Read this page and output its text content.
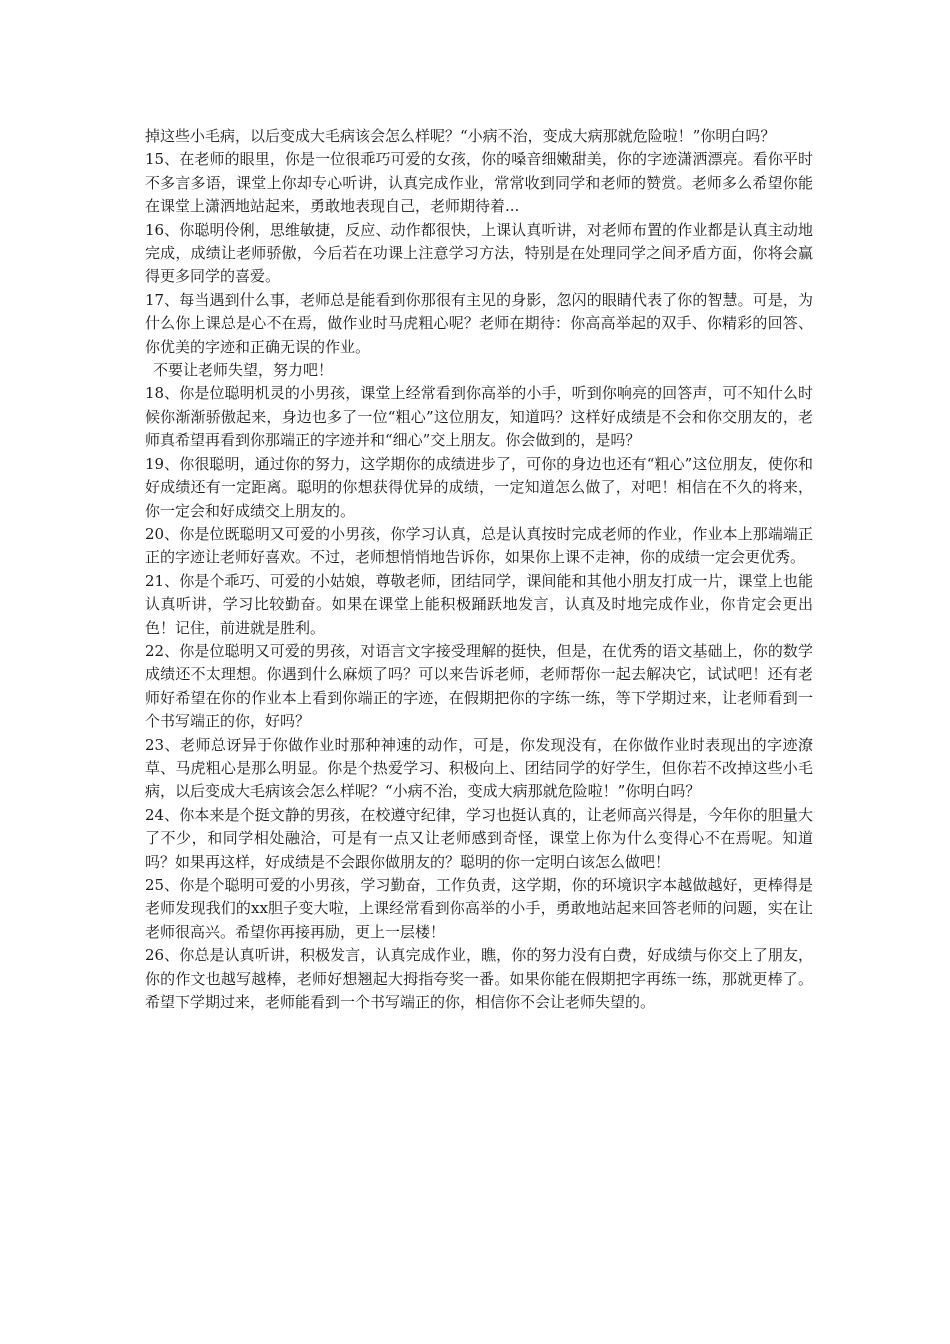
掉这些小毛病，以后变成大毛病该会怎么样呢？“小病不治，变成大病那就危险啦！”你明白吗？

15、在老师的眼里，你是一位很乖巧可爱的女孩，你的嗓音细嫩甜美，你的字迹潇洒漂亮。看你平时不多言多语，课堂上你却专心听讲，认真完成作业，常常收到同学和老师的赞赏。老师多么希望你能在课堂上潇洒地站起来，勇敢地表现自己，老师期待着...

16、你聪明伶俐，思维敏捷，反应、动作都很快，上课认真听讲，对老师布置的作业都是认真主动地完成，成绩让老师骄傲，今后若在功课上注意学习方法，特别是在处理同学之间矛盾方面，你将会赢得更多同学的喜爱。

17、每当遇到什么事，老师总是能看到你那很有主见的身影，忽闪的眼睛代表了你的智慧。可是，为什么你上课总是心不在焉，做作业时马虎粗心呢？老师在期待：你高高举起的双手、你精彩的回答、你优美的字迹和正确无误的作业。

不要让老师失望，努力吧！

18、你是位聪明机灵的小男孩，课堂上经常看到你高举的小手，听到你响亮的回答声，可不知什么时候你渐渐骄傲起来，身边也多了一位“粗心”这位朋友，知道吗？这样好成绩是不会和你交朋友的，老师真希望再看到你那端正的字迹并和“细心”交上朋友。你会做到的，是吗？

19、你很聪明，通过你的努力，这学期你的成绩进步了，可你的身边也还有“粗心”这位朋友，使你和好成绩还有一定距离。聪明的你想获得优异的成绩，一定知道怎么做了，对吧！相信在不久的将来，你一定会和好成绩交上朋友的。

20、你是位既聪明又可爱的小男孩，你学习认真，总是认真按时完成老师的作业，作业本上那端端正正的字迹让老师好喜欢。不过，老师想悄悄地告诉你，如果你上课不走神，你的成绩一定会更优秀。

21、你是个乖巧、可爱的小姑娘，尊敬老师，团结同学，课间能和其他小朋友打成一片，课堂上也能认真听讲，学习比较勤奋。如果在课堂上能积极踊跃地发言，认真及时地完成作业，你肯定会更出色！记住，前进就是胜利。

22、你是位聪明又可爱的男孩，对语言文字接受理解的挺快，但是，在优秀的语文基础上，你的数学成绩还不太理想。你遇到什么麻烦了吗？可以来告诉老师，老师帮你一起去解决它，试试吧！还有老师好希望在你的作业本上看到你端正的字迹，在假期把你的字练一练，等下学期过来，让老师看到一个书写端正的你，好吗？

23、老师总讶异于你做作业时那种神速的动作，可是，你发现没有，在你做作业时表现出的字迹潦草、马虎粗心是那么明显。你是个热爱学习、积极向上、团结同学的好学生，但你若不改掉这些小毛病，以后变成大毛病该会怎么样呢？“小病不治，变成大病那就危险啦！”你明白吗？

24、你本来是个挺文静的男孩，在校遵守纪律，学习也挺认真的，让老师高兴得是，今年你的胆量大了不少，和同学相处融洽，可是有一点又让老师感到奇怪，课堂上你为什么变得心不在焉呢。知道吗？如果再这样，好成绩是不会跟你做朋友的？聪明的你一定明白该怎么做吧！

25、你是个聪明可爱的小男孩，学习勤奋，工作负责，这学期，你的环境识字本越做越好，更棒得是老师发现我们的xx胆子变大啦，上课经常看到你高举的小手，勇敢地站起来回答老师的问题，实在让老师很高兴。希望你再接再励，更上一层楼！

26、你总是认真听讲，积极发言，认真完成作业，瞧，你的努力没有白费，好成绩与你交上了朋友，你的作文也越写越棒，老师好想翘起大拇指夸奖一番。如果你能在假期把字再练一练，那就更棒了。希望下学期过来，老师能看到一个书写端正的你，相信你不会让老师失望的。
